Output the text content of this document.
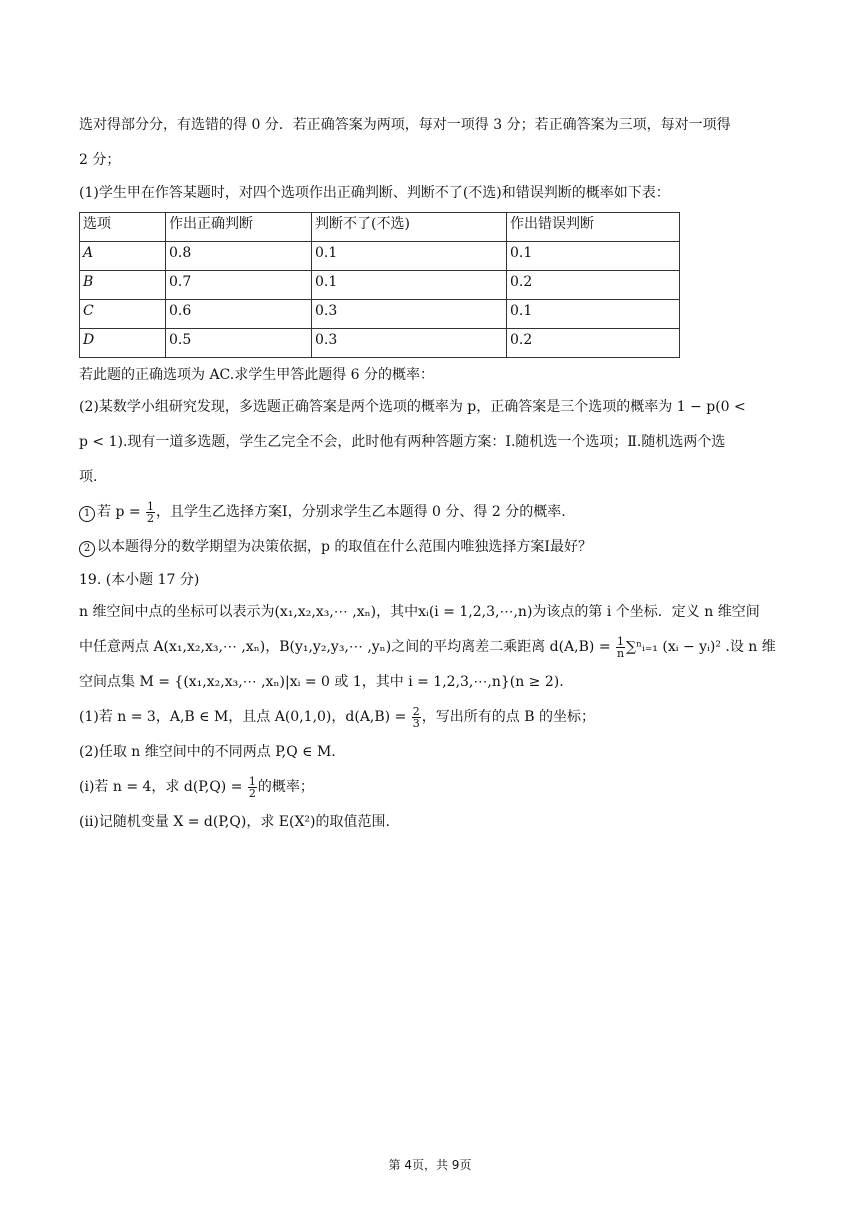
选对得部分分，有选错的得 0 分．若正确答案为两项，每对一项得 3 分；若正确答案为三项，每对一项得

2 分；

(1)学生甲在作答某题时，对四个选项作出正确判断、判断不了(不选)和错误判断的概率如下表：

选项	作出正确判断	判断不了(不选)	作出错误判断
A	0.8	0.1	0.1
B	0.7	0.1	0.2
C	0.6	0.3	0.1
D	0.5	0.3	0.2

若此题的正确选项为 AC.求学生甲答此题得 6 分的概率：

(2)某数学小组研究发现，多选题正确答案是两个选项的概率为 p，正确答案是三个选项的概率为 1 − p(0 <

p < 1).现有一道多选题，学生乙完全不会，此时他有两种答题方案：Ⅰ.随机选一个选项；Ⅱ.随机选两个选

项.

1 若 $p = \frac{1}{2}$ ，且学生乙选择方案Ⅰ，分别求学生乙本题得 0 分、得 2 分的概率.

2 以本题得分的数学期望为决策依据，p 的取值在什么范围内唯独选择方案Ⅰ最好？

19. (本小题 17 分)

n 维空间中点的坐标可以表示为(x₁,x₂,x₃,⋯ ,xₙ)，其中xᵢ(i = 1,2,3,⋯,n)为该点的第 i 个坐标．定义 n 维空间

中任意两点 A(x₁,x₂,x₃,⋯ ,xₙ)，B(y₁,y₂,y₃,⋯ ,yₙ)之间的平均离差二乘距离 $d(A,B) = \frac{1}{n}$ ∑ⁿᵢ₌₁ (xᵢ − yᵢ)² .设 n 维

空间点集 M = {(x₁,x₂,x₃,⋯ ,xₙ)|xᵢ = 0 或 1，其中 i = 1,2,3,⋯,n}(n ≥ 2).

(1)若 n = 3，A,B ∈ M，且点 A(0,1,0)，$d(A,B) = \frac{2}{3}$ ，写出所有的点 B 的坐标；

(2)任取 n 维空间中的不同两点 P,Q ∈ M.

(i)若 n = 4，求 $d(P,Q) = \frac{1}{2}$ 的概率；

(ii)记随机变量 X = d(P,Q)，求 E(X²)的取值范围.

第 4页，共 9页
